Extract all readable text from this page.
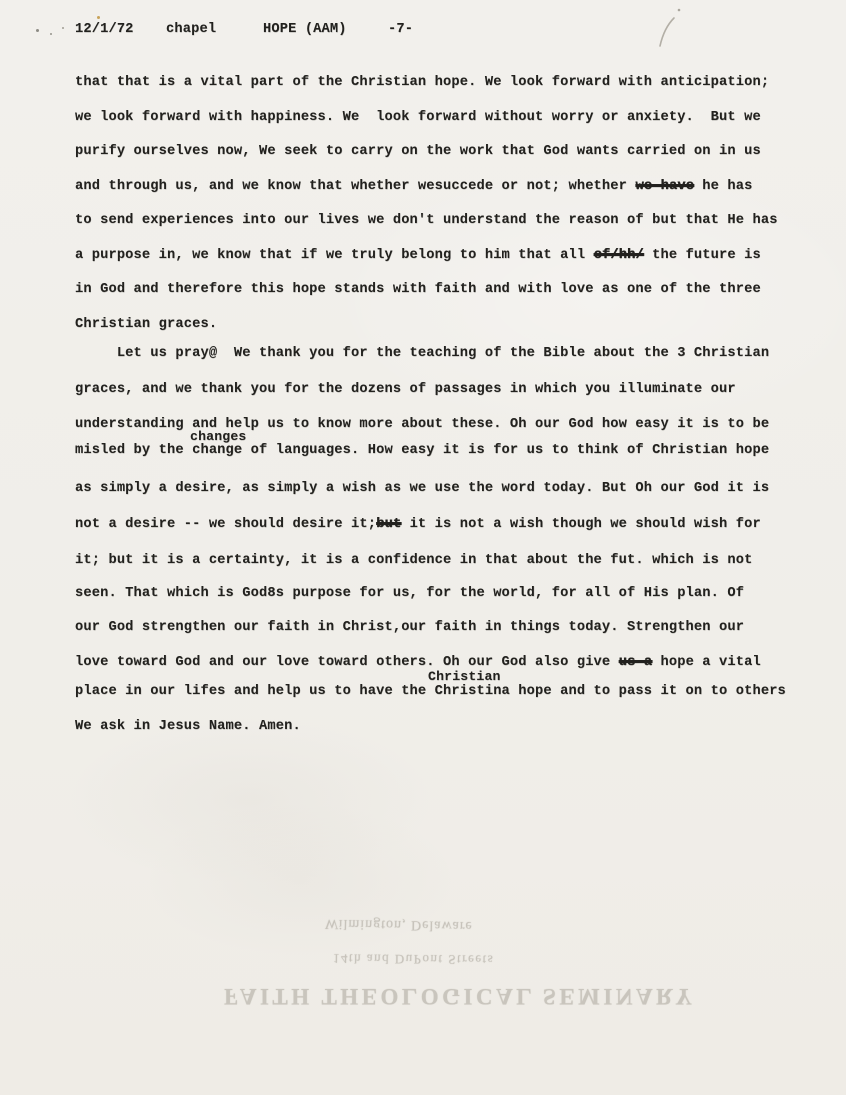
12/1/72 chapel	HOPE (AAM)	-7-
that that is a vital part of the Christian hope. We look forward with anticipation;
we look forward with happiness. We  look forward without worry or anxiety.  But we
purify ourselves now, We seek to carry on the work that God wants carried on in us
and through us, and we know that whether wesuccede or not; whether we have he has
to send experiences into our lives we don't understand the reason of but that He has
a purpose in, we know that if we truly belong to him that all of/hh/ the future is
in God and therefore this hope stands with faith and with love as one of the three
Christian graces.
Let us pray@  We thank you for the teaching of the Bible about the 3 Christian
graces, and we thank you for the dozens of passages in which you illuminate our
understanding and help us to know more about these. Oh our God how easy it is to be
changes
misled by the change of languages. How easy it is for us to think of Christian hope
as simply a desire, as simply a wish as we use the word today. But Oh our God it is
not a desire -- we should desire it;but it is not a wish though we should wish for
it; but it is a certainty, it is a confidence in that about the fut. which is not
seen. That which is God8s purpose for us, for the world, for all of His plan. Of
our God strengthen our faith in Christ,our faith in things today. Strengthen our
love toward God and our love toward others. Oh our God also give us a hope a vital
Christian
place in our lifes and help us to have the Christina hope and to pass it on to others
We ask in Jesus Name. Amen.
Wilmington, Delaware
14th and DuPont Streets
FAITH THEOLOGICAL SEMINARY
